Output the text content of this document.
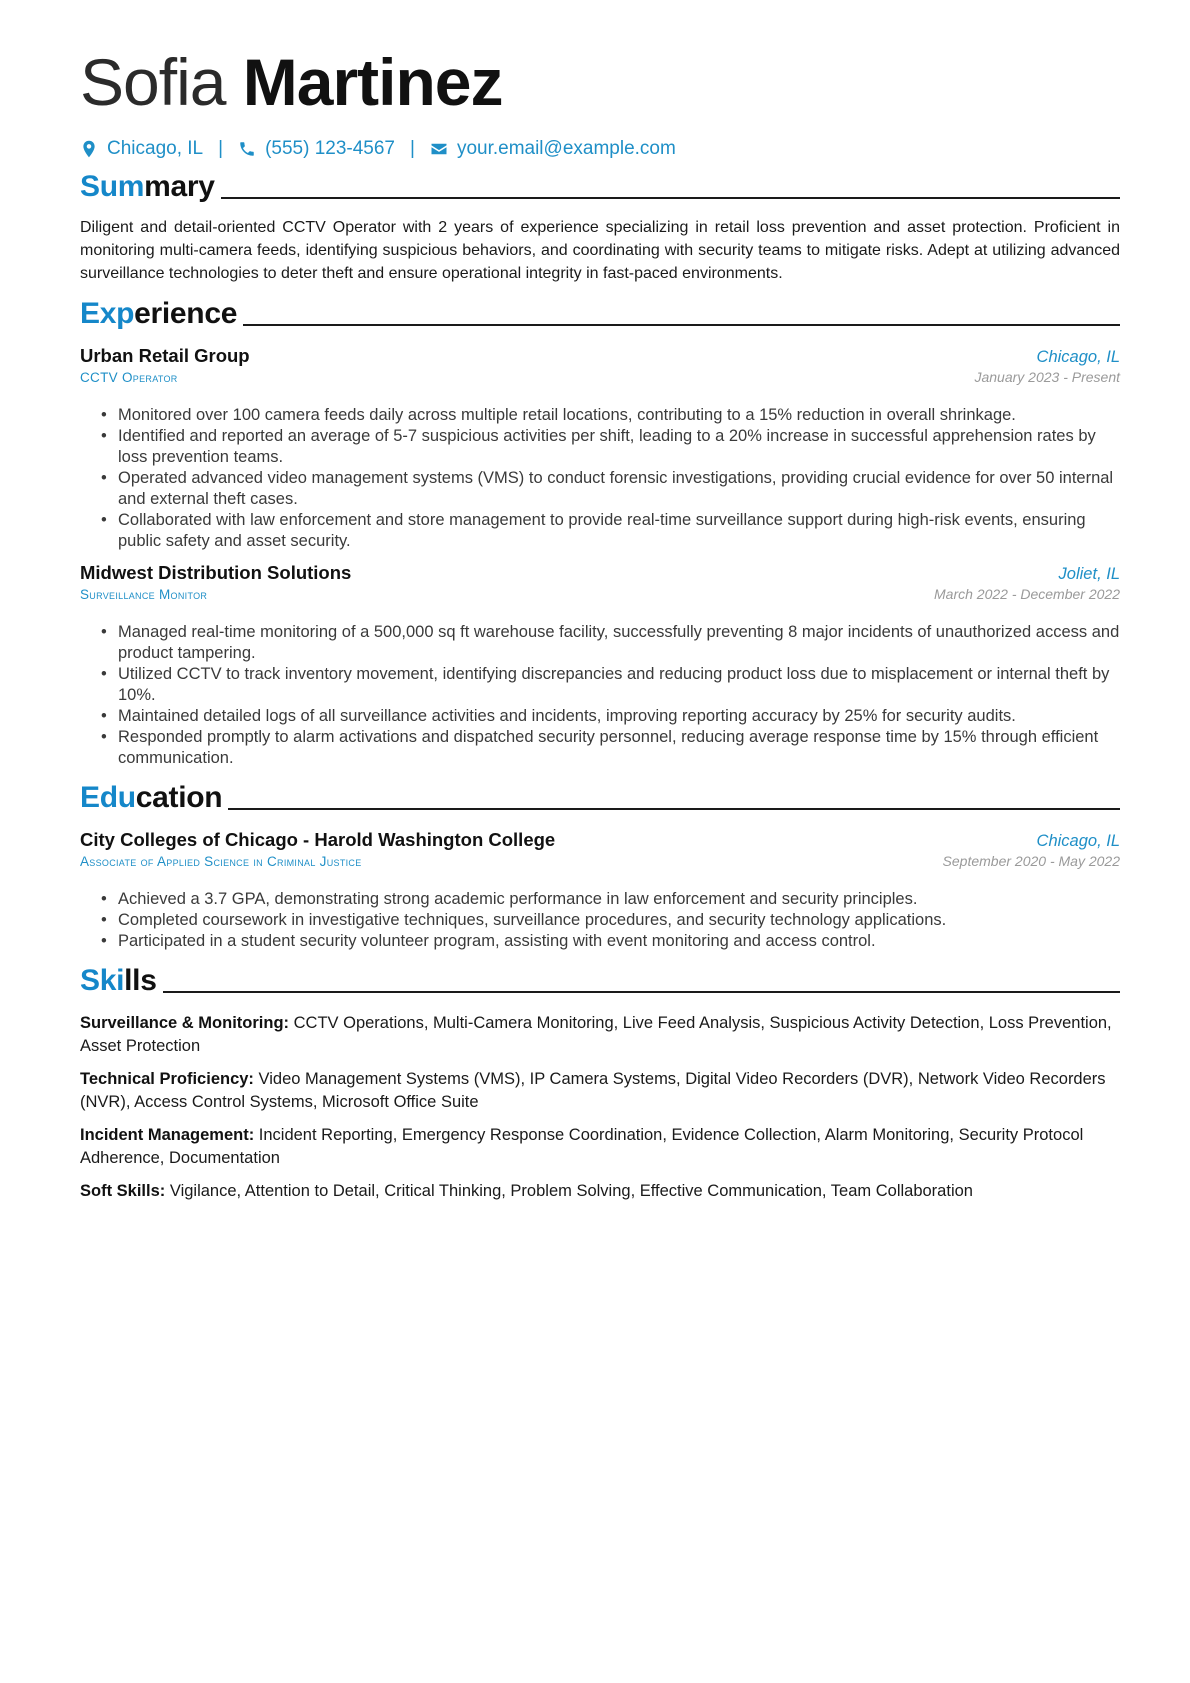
Sofia Martinez
Chicago, IL | (555) 123-4567 | your.email@example.com
Summary

Diligent and detail-oriented CCTV Operator with 2 years of experience specializing in retail loss prevention and asset protection. Proficient in monitoring multi-camera feeds, identifying suspicious behaviors, and coordinating with security teams to mitigate risks. Adept at utilizing advanced surveillance technologies to deter theft and ensure operational integrity in fast-paced environments.

Experience
Urban Retail Group	Chicago, IL
CCTV Operator	January 2023 - Present
• Monitored over 100 camera feeds daily across multiple retail locations, contributing to a 15% reduction in overall shrinkage.
• Identified and reported an average of 5-7 suspicious activities per shift, leading to a 20% increase in successful apprehension rates by loss prevention teams.
• Operated advanced video management systems (VMS) to conduct forensic investigations, providing crucial evidence for over 50 internal and external theft cases.
• Collaborated with law enforcement and store management to provide real-time surveillance support during high-risk events, ensuring public safety and asset security.
Midwest Distribution Solutions	Joliet, IL
Surveillance Monitor	March 2022 - December 2022
• Managed real-time monitoring of a 500,000 sq ft warehouse facility, successfully preventing 8 major incidents of unauthorized access and product tampering.
• Utilized CCTV to track inventory movement, identifying discrepancies and reducing product loss due to misplacement or internal theft by 10%.
• Maintained detailed logs of all surveillance activities and incidents, improving reporting accuracy by 25% for security audits.
• Responded promptly to alarm activations and dispatched security personnel, reducing average response time by 15% through efficient communication.
Education
City Colleges of Chicago - Harold Washington College	Chicago, IL
Associate of Applied Science in Criminal Justice	September 2020 - May 2022
• Achieved a 3.7 GPA, demonstrating strong academic performance in law enforcement and security principles.
• Completed coursework in investigative techniques, surveillance procedures, and security technology applications.
• Participated in a student security volunteer program, assisting with event monitoring and access control.
Skills

Surveillance & Monitoring: CCTV Operations, Multi-Camera Monitoring, Live Feed Analysis, Suspicious Activity Detection, Loss Prevention, Asset Protection

Technical Proficiency: Video Management Systems (VMS), IP Camera Systems, Digital Video Recorders (DVR), Network Video Recorders (NVR), Access Control Systems, Microsoft Office Suite

Incident Management: Incident Reporting, Emergency Response Coordination, Evidence Collection, Alarm Monitoring, Security Protocol Adherence, Documentation

Soft Skills: Vigilance, Attention to Detail, Critical Thinking, Problem Solving, Effective Communication, Team Collaboration
